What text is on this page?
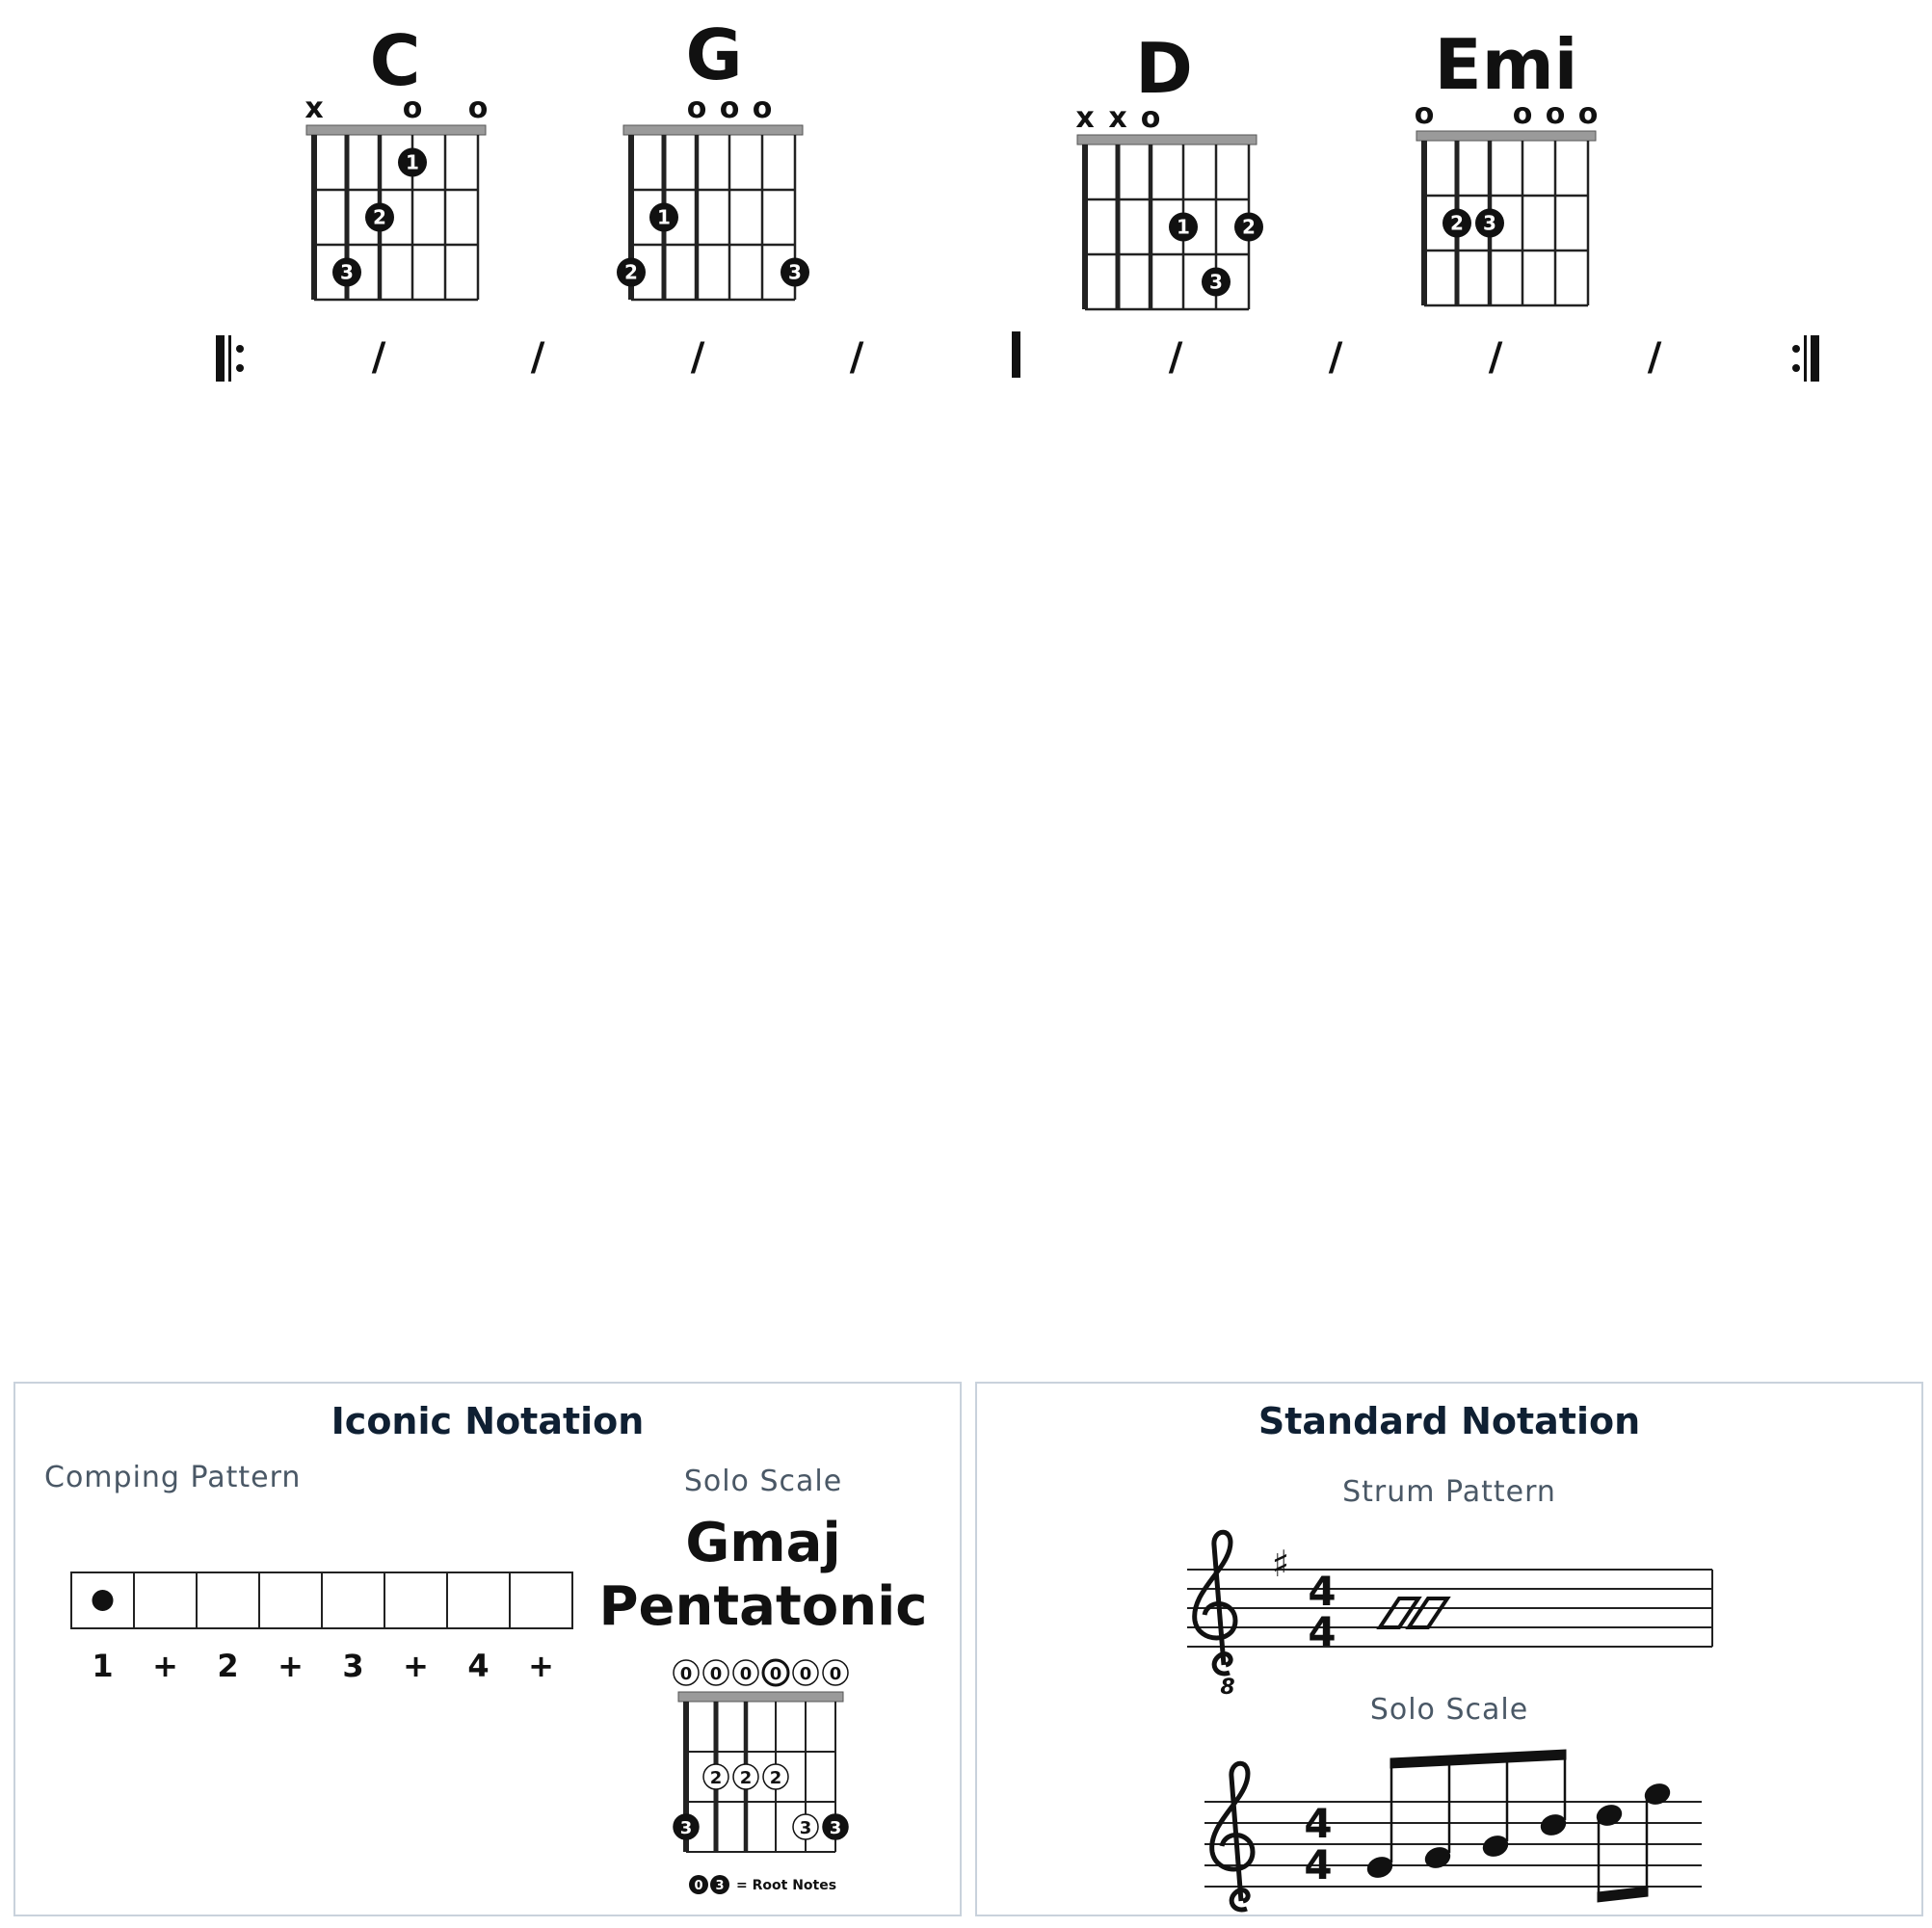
C
x	o o
1
2
3
G
o o o
1
2	3
D
x x o
1	2
3
Emi
o	o o o
2 3
/	/	/	/	/	/	/	/
Iconic Notation
Comping Pattern
1 + 2 + 3 + 4 +
Solo Scale
Gmaj
Pentatonic
0 0 0 0 0 0
2 2 2
3	3 3
0 3 = Root Notes
Standard Notation
Strum Pattern
8
♯
4
4
Solo Scale
4
4
